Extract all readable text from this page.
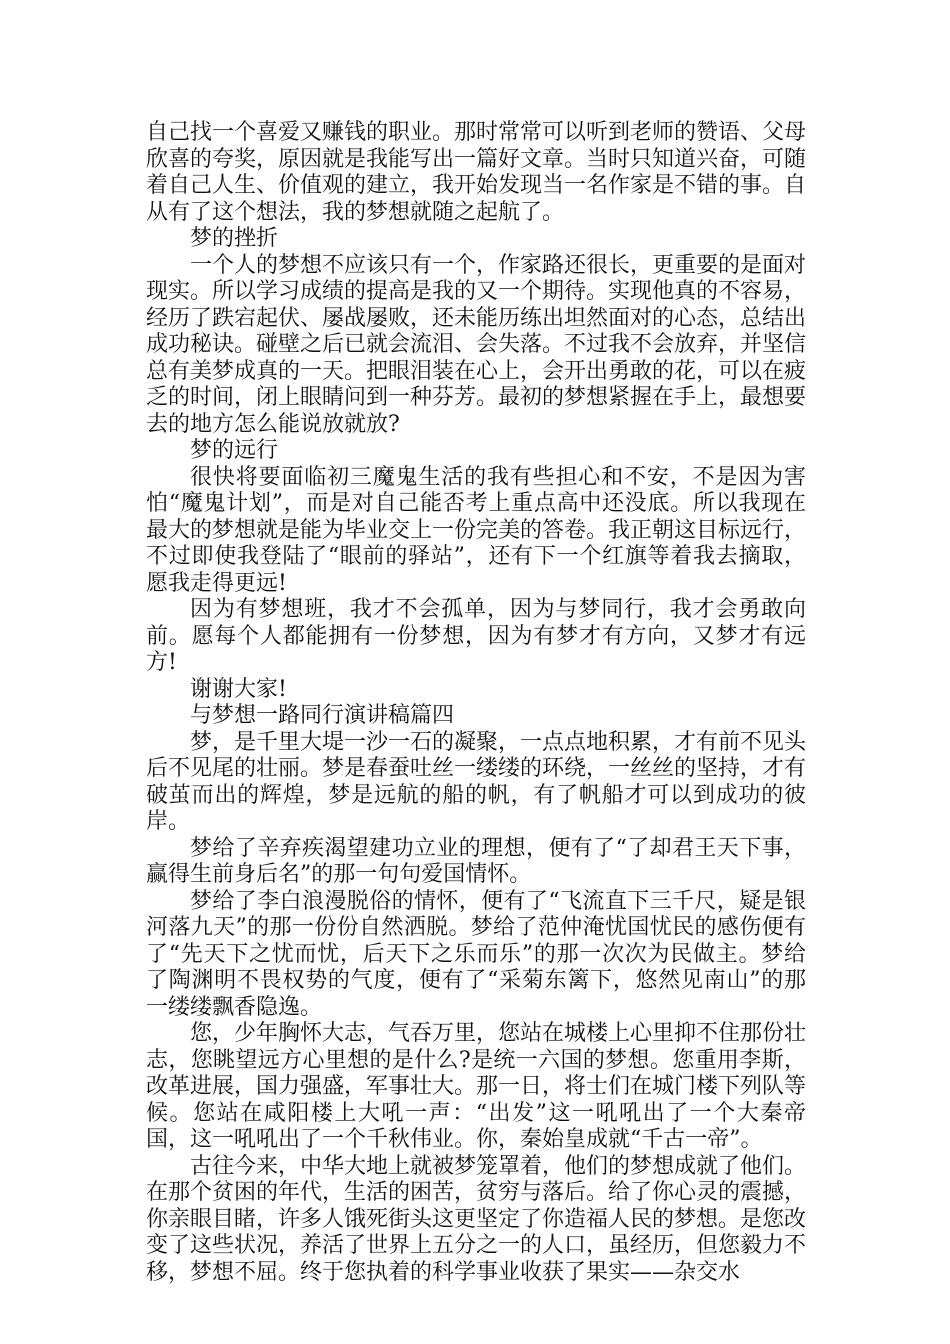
自己找一个喜爱又赚钱的职业。那时常常可以听到老师的赞语、父母欣喜的夸奖，原因就是我能写出一篇好文章。当时只知道兴奋，可随着自己人生、价值观的建立，我开始发现当一名作家是不错的事。自从有了这个想法，我的梦想就随之起航了。

梦的挫折

一个人的梦想不应该只有一个，作家路还很长，更重要的是面对现实。所以学习成绩的提高是我的又一个期待。实现他真的不容易，经历了跌宕起伏、屡战屡败，还未能历练出坦然面对的心态，总结出成功秘诀。碰壁之后已就会流泪、会失落。不过我不会放弃，并坚信总有美梦成真的一天。把眼泪装在心上，会开出勇敢的花，可以在疲乏的时间，闭上眼睛问到一种芬芳。最初的梦想紧握在手上，最想要去的地方怎么能说放就放?

梦的远行

很快将要面临初三魔鬼生活的我有些担心和不安，不是因为害怕“魔鬼计划”，而是对自己能否考上重点高中还没底。所以我现在最大的梦想就是能为毕业交上一份完美的答卷。我正朝这目标远行，不过即使我登陆了“眼前的驿站”，还有下一个红旗等着我去摘取，愿我走得更远!

因为有梦想班，我才不会孤单，因为与梦同行，我才会勇敢向前。愿每个人都能拥有一份梦想，因为有梦才有方向，又梦才有远方!

谢谢大家!

与梦想一路同行演讲稿篇四

梦，是千里大堤一沙一石的凝聚，一点点地积累，才有前不见头后不见尾的壮丽。梦是春蚕吐丝一缕缕的环绕，一丝丝的坚持，才有破茧而出的辉煌，梦是远航的船的帆，有了帆船才可以到成功的彼岸。

梦给了辛弃疾渴望建功立业的理想，便有了“了却君王天下事，赢得生前身后名”的那一句句爱国情怀。

梦给了李白浪漫脱俗的情怀，便有了“飞流直下三千尺，疑是银河落九天”的那一份份自然洒脱。梦给了范仲淹忧国忧民的感伤便有了“先天下之忧而忧，后天下之乐而乐”的那一次次为民做主。梦给了陶渊明不畏权势的气度，便有了“采菊东篱下，悠然见南山”的那一缕缕飘香隐逸。

您，少年胸怀大志，气吞万里，您站在城楼上心里抑不住那份壮志，您眺望远方心里想的是什么?是统一六国的梦想。您重用李斯，改革进展，国力强盛，军事壮大。那一日，将士们在城门楼下列队等候。您站在咸阳楼上大吼一声：“出发”这一吼吼出了一个大秦帝国，这一吼吼出了一个千秋伟业。你，秦始皇成就“千古一帝”。

古往今来，中华大地上就被梦笼罩着，他们的梦想成就了他们。在那个贫困的年代，生活的困苦，贫穷与落后。给了你心灵的震撼，你亲眼目睹，许多人饿死街头这更坚定了你造福人民的梦想。是您改变了这些状况，养活了世界上五分之一的人口，虽经历，但您毅力不移，梦想不屈。终于您执着的科学事业收获了果实——杂交水
